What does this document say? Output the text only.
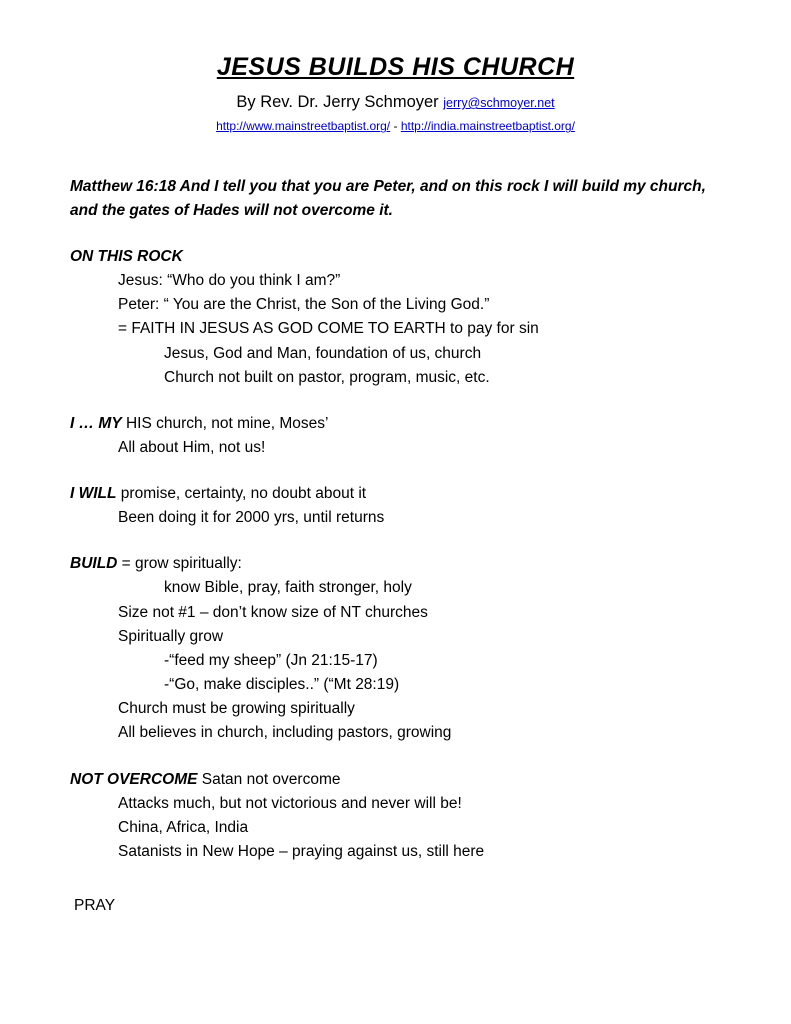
JESUS BUILDS HIS CHURCH
By Rev. Dr. Jerry Schmoyer jerry@schmoyer.net
http://www.mainstreetbaptist.org/ - http://india.mainstreetbaptist.org/

Matthew 16:18 And I tell you that you are Peter, and on this rock I will build my church, and the gates of Hades will not overcome it.

ON THIS ROCK
Jesus: “Who do you think I am?”
Peter: “ You are the Christ, the Son of the Living God.”
= FAITH IN JESUS AS GOD COME TO EARTH to pay for sin
Jesus, God and Man, foundation of us, church
Church not built on pastor, program, music, etc.
I … MY HIS church, not mine, Moses’
All about Him, not us!
I WILL promise, certainty, no doubt about it
Been doing it for 2000 yrs, until returns
BUILD = grow spiritually:
know Bible, pray, faith stronger, holy
Size not #1 – don’t know size of NT churches
Spiritually grow
-“feed my sheep” (Jn 21:15-17)
-“Go, make disciples..” (“Mt 28:19)
Church must be growing spiritually
All believes in church, including pastors, growing
NOT OVERCOME Satan not overcome
Attacks much, but not victorious and never will be!
China, Africa, India
Satanists in New Hope – praying against us, still here
PRAY
